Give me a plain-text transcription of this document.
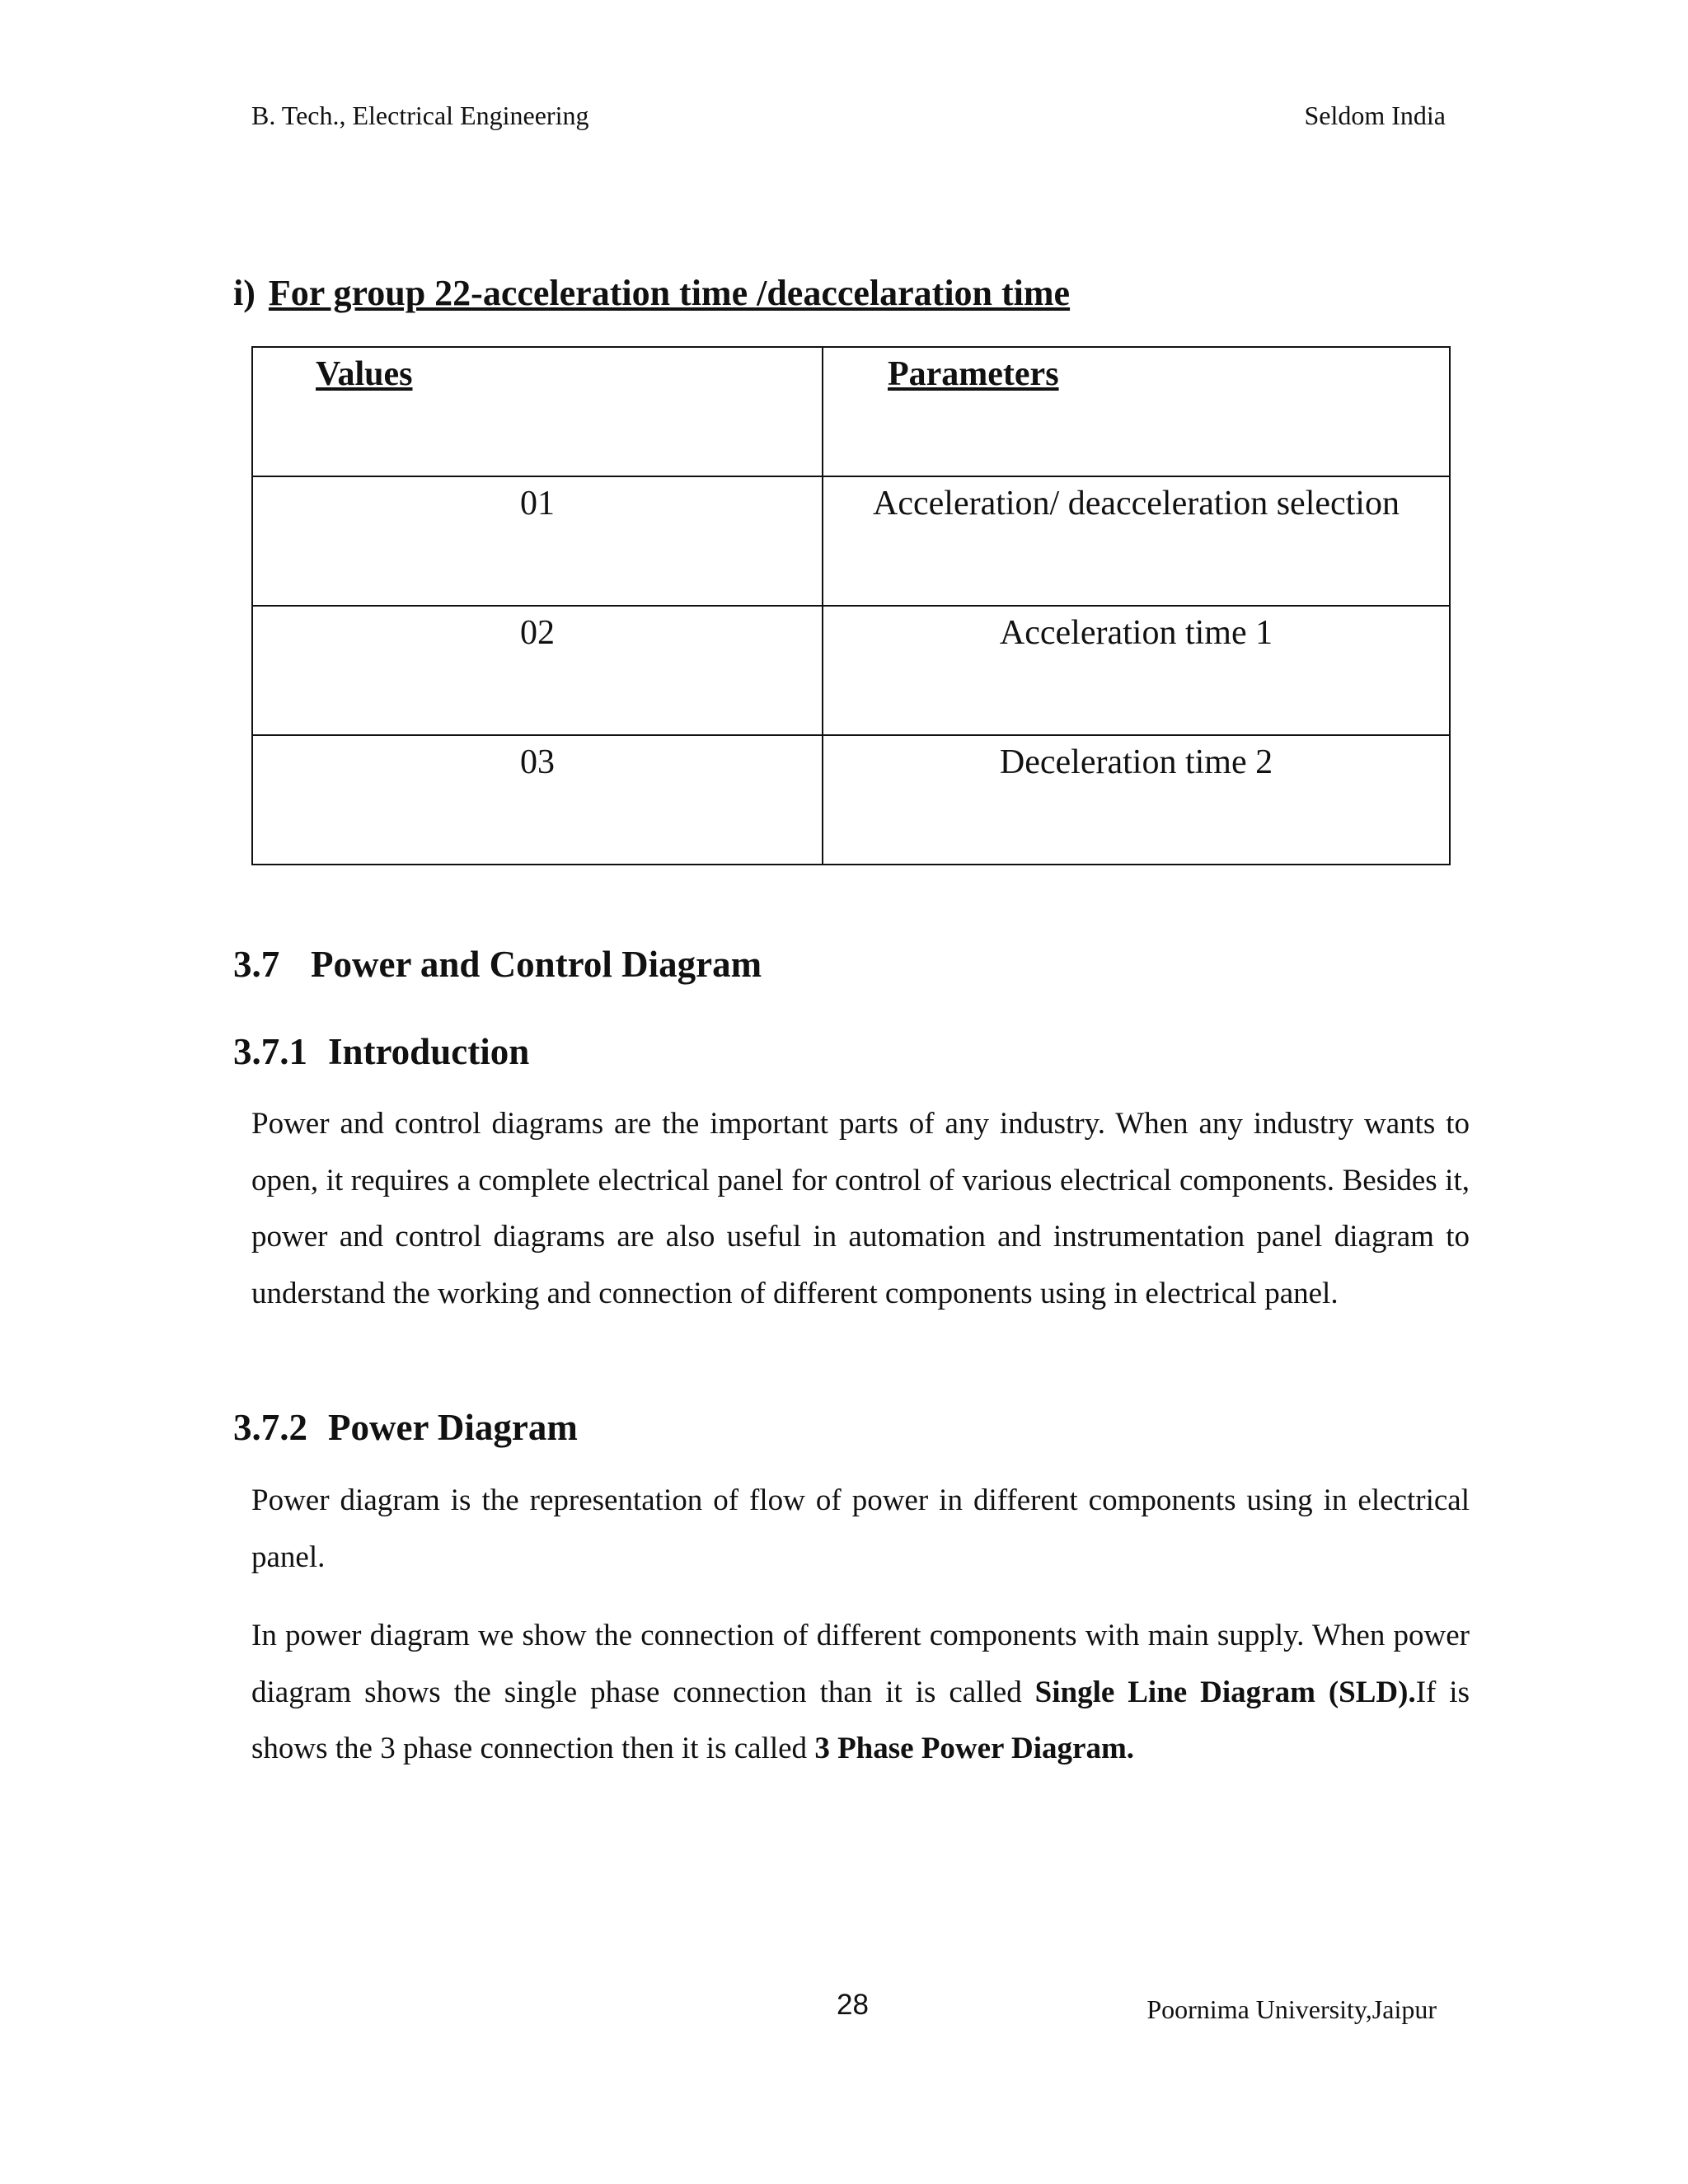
B. Tech., Electrical Engineering	Seldom India
i) For group 22-acceleration time /deaccelaration time
Values	Parameters
01	Acceleration/ deacceleration selection
02	Acceleration time 1
03	Deceleration time 2
3.7 Power and Control Diagram
3.7.1 Introduction
Power and control diagrams are the important parts of any industry. When any industry wants to open, it requires a complete electrical panel for control of various electrical components. Besides it, power and control diagrams are also useful in automation and instrumentation panel diagram to understand the working and connection of different components using in electrical panel.
3.7.2 Power Diagram
Power diagram is the representation of flow of power in different components using in electrical panel.
In power diagram we show the connection of different components with main supply. When power diagram shows the single phase connection than it is called Single Line Diagram (SLD).If is shows the 3 phase connection then it is called 3 Phase Power Diagram.
28	Poornima University,Jaipur
